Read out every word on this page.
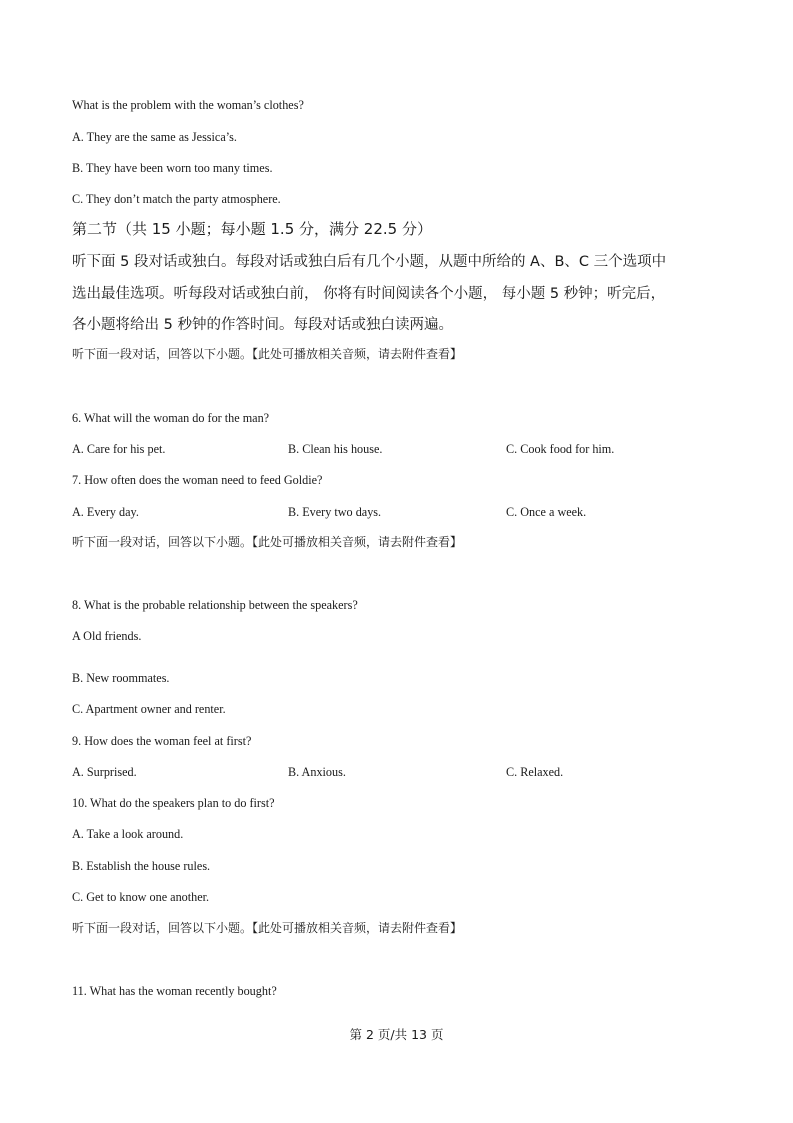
What is the problem with the woman’s clothes?
A. They are the same as Jessica’s.
B. They have been worn too many times.
C. They don’t match the party atmosphere.
第二节（共 15 小题；每小题 1.5 分，满分 22.5 分）
听下面 5 段对话或独白。每段对话或独白后有几个小题，从题中所给的 A、B、C 三个选项中
选出最佳选项。听每段对话或独白前， 你将有时间阅读各个小题， 每小题 5 秒钟；听完后，
各小题将给出 5 秒钟的作答时间。每段对话或独白读两遍。
听下面一段对话，回答以下小题。【此处可播放相关音频，请去附件查看】
6. What will the woman do for the man?
A. Care for his pet.	B. Clean his house.	C. Cook food for him.
7. How often does the woman need to feed Goldie?
A. Every day.	B. Every two days.	C. Once a week.
听下面一段对话，回答以下小题。【此处可播放相关音频，请去附件查看】
8. What is the probable relationship between the speakers?
A Old friends.
B. New roommates.
C. Apartment owner and renter.
9. How does the woman feel at first?
A. Surprised.	B. Anxious.	C. Relaxed.
10. What do the speakers plan to do first?
A. Take a look around.
B. Establish the house rules.
C. Get to know one another.
听下面一段对话，回答以下小题。【此处可播放相关音频，请去附件查看】
11. What has the woman recently bought?
第 2 页/共 13 页
